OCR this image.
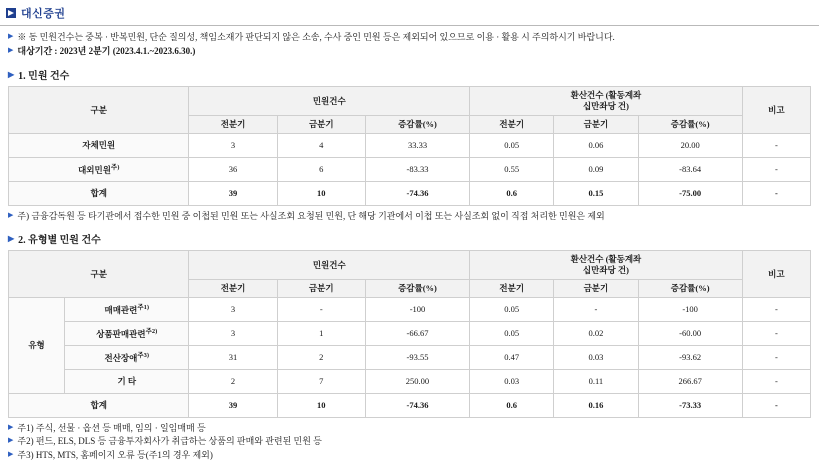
대신증권
▶ ※ 동 민원건수는 중복 · 반복민원, 단순 질의성, 책임소재가 판단되지 않은 소송, 수사 중인 민원 등은 제외되어 있으므로 이용 · 활용 시 주의하시기 바랍니다.
▶ 대상기간 : 2023년 2분기 (2023.4.1.~2023.6.30.)
▶ 1. 민원 건수
구분	민원건수			환산건수 (활동계좌
십만좌당 건)			비고
	전분기	금분기	증감률(%)	전분기	금분기	증감률(%)	
자체민원	3	4	33.33	0.05	0.06	20.00	-
대외민원$^{주)}$	36	6	-83.33	0.55	0.09	-83.64	-
합계	39	10	-74.36	0.6	0.15	-75.00	-
▶ 주) 금융감독원 등 타기관에서 접수한 민원 중 이첩된 민원 또는 사실조회 요청된 민원, 단 해당 기관에서 이첩 또는 사실조회 없이 직접 처리한 민원은 제외
▶ 2. 유형별 민원 건수
구분		민원건수			환산건수 (활동계좌
십만좌당 건)			비고
		전분기	금분기	증감률(%)	전분기	금분기	증감률(%)	
유형	매매관련$^{주1)}$	3	-	-100	0.05	-	-100	-
	상품판매관련$^{주2)}$	3	1	-66.67	0.05	0.02	-60.00	-
	전산장애$^{주3)}$	31	2	-93.55	0.47	0.03	-93.62	-
	기 타	2	7	250.00	0.03	0.11	266.67	-
합계		39	10	-74.36	0.6	0.16	-73.33	-
▶ 주1) 주식, 선물 · 옵션 등 매매, 임의 · 일임매매 등
▶ 주2) 펀드, ELS, DLS 등 금융투자회사가 취급하는 상품의 판매와 관련된 민원 등
▶ 주3) HTS, MTS, 홈페이지 오류 등(주1의 경우 제외)
